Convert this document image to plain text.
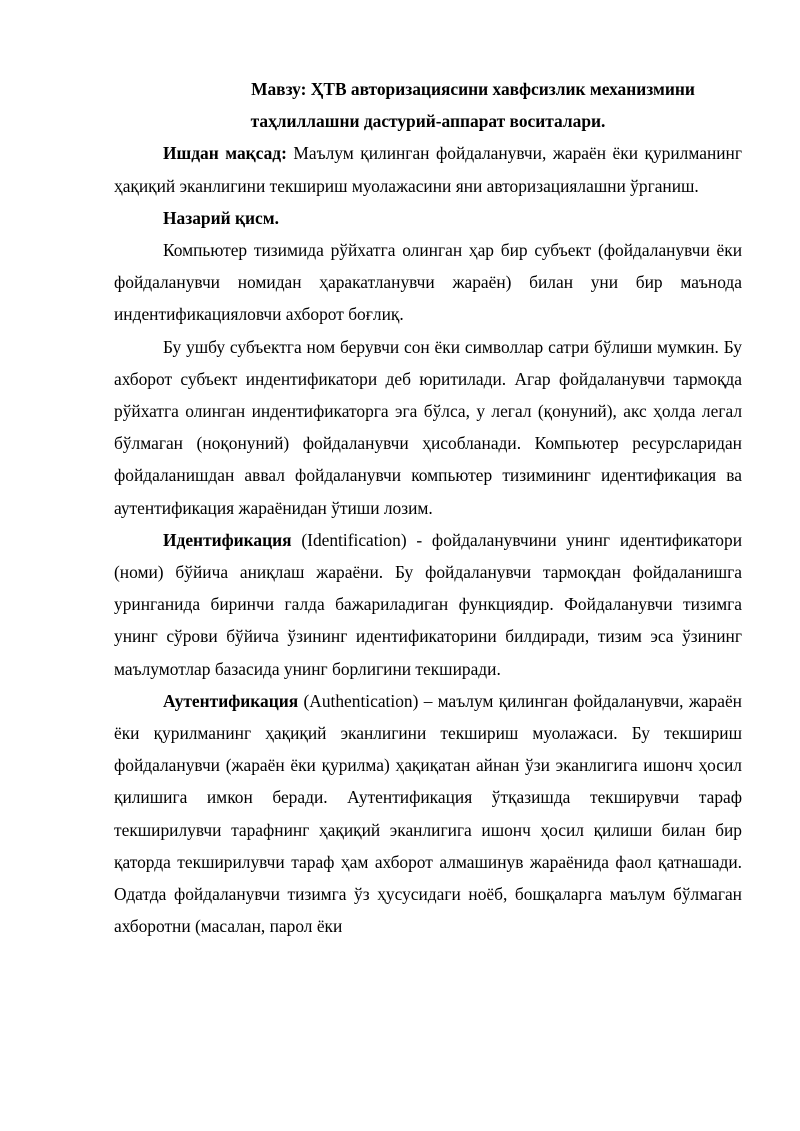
Мавзу: ҲТВ авторизациясини хавфсизлик механизмини
таҳлиллашни дастурий-аппарат воситалари.

Ишдан мақсад: Маълум қилинган фойдаланувчи, жараён ёки қурилманинг ҳақиқий эканлигини текшириш муолажасини яни авторизациялашни ўрганиш.

Назарий қисм.

Компьютер тизимида рўйхатга олинган ҳар бир субъект (фойдаланувчи ёки фойдаланувчи номидан ҳаракатланувчи жараён) билан уни бир маънода индентификацияловчи ахборот боғлиқ.

Бу ушбу субъектга ном берувчи сон ёки символлар сатри бўлиши мумкин. Бу ахборот субъект индентификатори деб юритилади. Агар фойдаланувчи тармоқда рўйхатга олинган индентификаторга эга бўлса, у легал (қонуний), акс ҳолда легал бўлмаган (ноқонуний) фойдаланувчи ҳисобланади. Компьютер ресурсларидан фойдаланишдан аввал фойдаланувчи компьютер тизимининг идентификация ва аутентификация жараёнидан ўтиши лозим.

Идентификация (Identification) - фойдаланувчини унинг идентификатори (номи) бўйича аниқлаш жараёни. Бу фойдаланувчи тармоқдан фойдаланишга уринганида биринчи галда бажариладиган функциядир. Фойдаланувчи тизимга унинг сўрови бўйича ўзининг идентификаторини билдиради, тизим эса ўзининг маълумотлар базасида унинг борлигини текширади.

Аутентификация (Authentication) – маълум қилинган фойдаланувчи, жараён ёки қурилманинг ҳақиқий эканлигини текшириш муолажаси. Бу текшириш фойдаланувчи (жараён ёки қурилма) ҳақиқатан айнан ўзи эканлигига ишонч ҳосил қилишига имкон беради. Аутентификация ўтқазишда текширувчи тараф текширилувчи тарафнинг ҳақиқий эканлигига ишонч ҳосил қилиши билан бир қаторда текширилувчи тараф ҳам ахборот алмашинув жараёнида фаол қатнашади. Одатда фойдаланувчи тизимга ўз ҳусусидаги ноёб, бошқаларга маълум бўлмаган ахборотни (масалан, парол ёки
